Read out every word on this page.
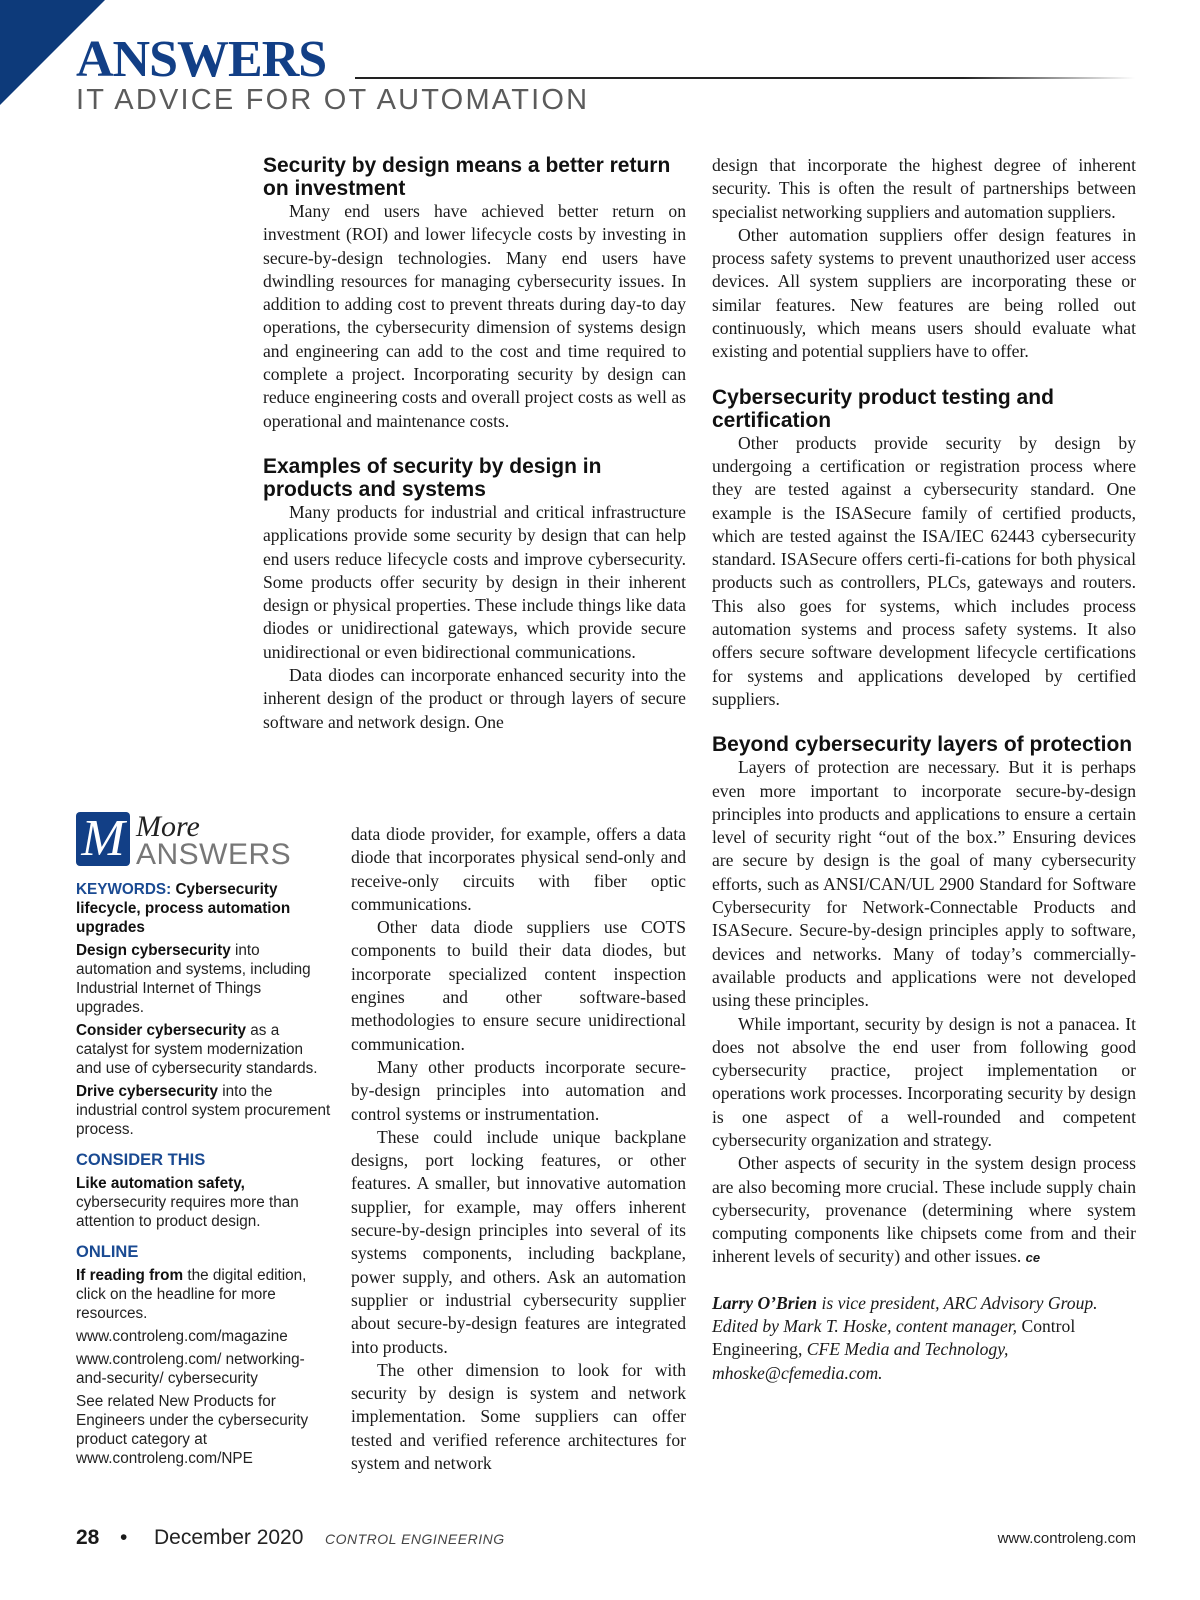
ANSWERS
IT ADVICE FOR OT AUTOMATION
Security by design means a better return on investment

Many end users have achieved better return on investment (ROI) and lower lifecycle costs by investing in secure-by-design technologies. Many end users have dwindling resources for managing cybersecurity issues. In addition to adding cost to prevent threats during day-to day operations, the cybersecurity dimension of systems design and engineering can add to the cost and time required to complete a project. Incorporating security by design can reduce engineering costs and overall project costs as well as operational and maintenance costs.

Examples of security by design in products and systems

Many products for industrial and critical infrastructure applications provide some security by design that can help end users reduce lifecycle costs and improve cybersecurity. Some products offer security by design in their inherent design or physical properties. These include things like data diodes or unidirectional gateways, which provide secure unidirectional or even bidirectional communications.

Data diodes can incorporate enhanced security into the inherent design of the product or through layers of secure software and network design. One

data diode provider, for example, offers a data diode that incorporates physical send-only and receive-only circuits with fiber optic communications.

Other data diode suppliers use COTS components to build their data diodes, but incorporate specialized content inspection engines and other software-based methodologies to ensure secure unidirectional communication.

Many other products incorporate secure-by-design principles into automation and control systems or instrumentation.

These could include unique backplane designs, port locking features, or other features. A smaller, but innovative automation supplier, for example, may offers inherent secure-by-design principles into several of its systems components, including backplane, power supply, and others. Ask an automation supplier or industrial cybersecurity supplier about secure-by-design features are integrated into products.

The other dimension to look for with security by design is system and network implementation. Some suppliers can offer tested and verified reference architectures for system and network

design that incorporate the highest degree of inherent security. This is often the result of partnerships between specialist networking suppliers and automation suppliers.

Other automation suppliers offer design features in process safety systems to prevent unauthorized user access devices. All system suppliers are incorporating these or similar features. New features are being rolled out continuously, which means users should evaluate what existing and potential suppliers have to offer.

Cybersecurity product testing and certification

Other products provide security by design by undergoing a certification or registration process where they are tested against a cybersecurity standard. One example is the ISASecure family of certified products, which are tested against the ISA/IEC 62443 cybersecurity standard. ISASecure offers certi-fi-cations for both physical products such as controllers, PLCs, gateways and routers. This also goes for systems, which includes process automation systems and process safety systems. It also offers secure software development lifecycle certifications for systems and applications developed by certified suppliers.

Beyond cybersecurity layers of protection

Layers of protection are necessary. But it is perhaps even more important to incorporate secure-by-design principles into products and applications to ensure a certain level of security right “out of the box.” Ensuring devices are secure by design is the goal of many cybersecurity efforts, such as ANSI/CAN/UL 2900 Standard for Software Cybersecurity for Network-Connectable Products and ISASecure. Secure-by-design principles apply to software, devices and networks. Many of today’s commercially-available products and applications were not developed using these principles.

While important, security by design is not a panacea. It does not absolve the end user from following good cybersecurity practice, project implementation or operations work processes. Incorporating security by design is one aspect of a well-rounded and competent cybersecurity organization and strategy.

Other aspects of security in the system design process are also becoming more crucial. These include supply chain cybersecurity, provenance (determining where system computing components like chipsets come from and their inherent levels of security) and other issues. ce

Larry O’Brien is vice president, ARC Advisory Group. Edited by Mark T. Hoske, content manager, Control Engineering, CFE Media and Technology, mhoske@cfemedia.com.

M More
ANSWERS
KEYWORDS: Cybersecurity lifecycle, process automation upgrades

Design cybersecurity into automation and systems, including Industrial Internet of Things upgrades.

Consider cybersecurity as a catalyst for system modernization and use of cybersecurity standards.

Drive cybersecurity into the industrial control system procurement process.

CONSIDER THIS

Like automation safety, cybersecurity requires more than attention to product design.

ONLINE

If reading from the digital edition, click on the headline for more resources.

www.controleng.com/magazine

www.controleng.com/ networking-and-security/ cybersecurity

See related New Products for Engineers under the cybersecurity product category at www.controleng.com/NPE

28 • December 2020 CONTROL ENGINEERING	www.controleng.com
